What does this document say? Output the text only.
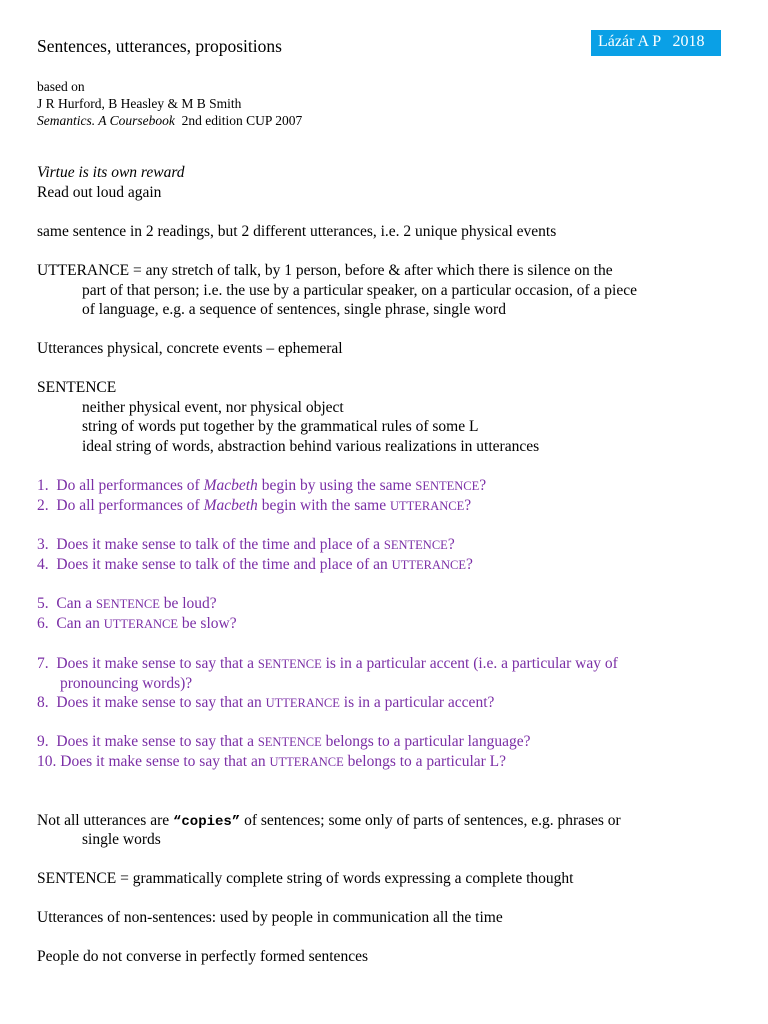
Sentences, utterances, propositions	Lázár A P   2018
based on
J R Hurford, B Heasley & M B Smith
Semantics. A Coursebook 2nd edition CUP 2007
Virtue is its own reward
Read out loud again
same sentence in 2 readings, but 2 different utterances, i.e. 2 unique physical events
UTTERANCE = any stretch of talk, by 1 person, before & after which there is silence on the
part of that person; i.e. the use by a particular speaker, on a particular occasion, of a piece
of language, e.g. a sequence of sentences, single phrase, single word
Utterances physical, concrete events – ephemeral
SENTENCE
neither physical event, nor physical object
string of words put together by the grammatical rules of some L
ideal string of words, abstraction behind various realizations in utterances
1. Do all performances of Macbeth begin by using the same SENTENCE?
2. Do all performances of Macbeth begin with the same UTTERANCE?
3. Does it make sense to talk of the time and place of a SENTENCE?
4. Does it make sense to talk of the time and place of an UTTERANCE?
5. Can a SENTENCE be loud?
6. Can an UTTERANCE be slow?
7. Does it make sense to say that a SENTENCE is in a particular accent (i.e. a particular way of
pronouncing words)?
8. Does it make sense to say that an UTTERANCE is in a particular accent?
9. Does it make sense to say that a SENTENCE belongs to a particular language?
10. Does it make sense to say that an UTTERANCE belongs to a particular L?
Not all utterances are “copies” of sentences; some only of parts of sentences, e.g. phrases or
single words
SENTENCE = grammatically complete string of words expressing a complete thought
Utterances of non-sentences: used by people in communication all the time
People do not converse in perfectly formed sentences
